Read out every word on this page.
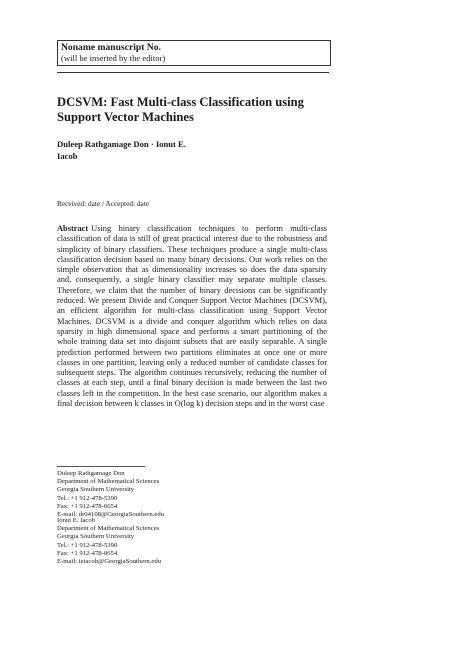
Noname manuscript No.
(will be inserted by the editor)
DCSVM: Fast Multi-class Classification using
Support Vector Machines
Duleep Rathgamage Don · Ionut E.
Iacob
Received: date / Accepted: date

Abstract Using binary classification techniques to perform multi-class classification of data is still of great practical interest due to the robustness and simplicity of binary classifiers. These techniques produce a single multi-class classification decision based on many binary decisions. Our work relies on the simple observation that as dimensionality increases so does the data sparsity and, consequently, a single binary classifier may separate multiple classes. Therefore, we claim that the number of binary decisions can be significantly reduced. We present Divide and Conquer Support Vector Machines (DCSVM), an efficient algorithm for multi-class classification using Support Vector Machines. DCSVM is a divide and conquer algorithm which relies on data sparsity in high dimensional space and performs a smart partitioning of the whole training data set into disjoint subsets that are easily separable. A single prediction performed between two partitions eliminates at once one or more classes in one partition, leaving only a reduced number of candidate classes for subsequent steps. The algorithm continues recursively, reducing the number of classes at each step, until a final binary decision is made between the last two classes left in the competition. In the best case scenario, our algorithm makes a final decision between k classes in O(log k) decision steps and in the worst case

Duleep Rathgamage Don
Department of Mathematical Sciences
Georgia Southern University
Tel.: +1 912-478-5390
Fax: +1 912-478-0654
E-mail: dr04108@GeorgiaSouthern.edu
Ionut E. Iacob
Department of Mathematical Sciences
Georgia Southern University
Tel.: +1 912-478-5390
Fax: +1 912-478-0654
E-mail: ieiacob@GeorgiaSouthern.edu
